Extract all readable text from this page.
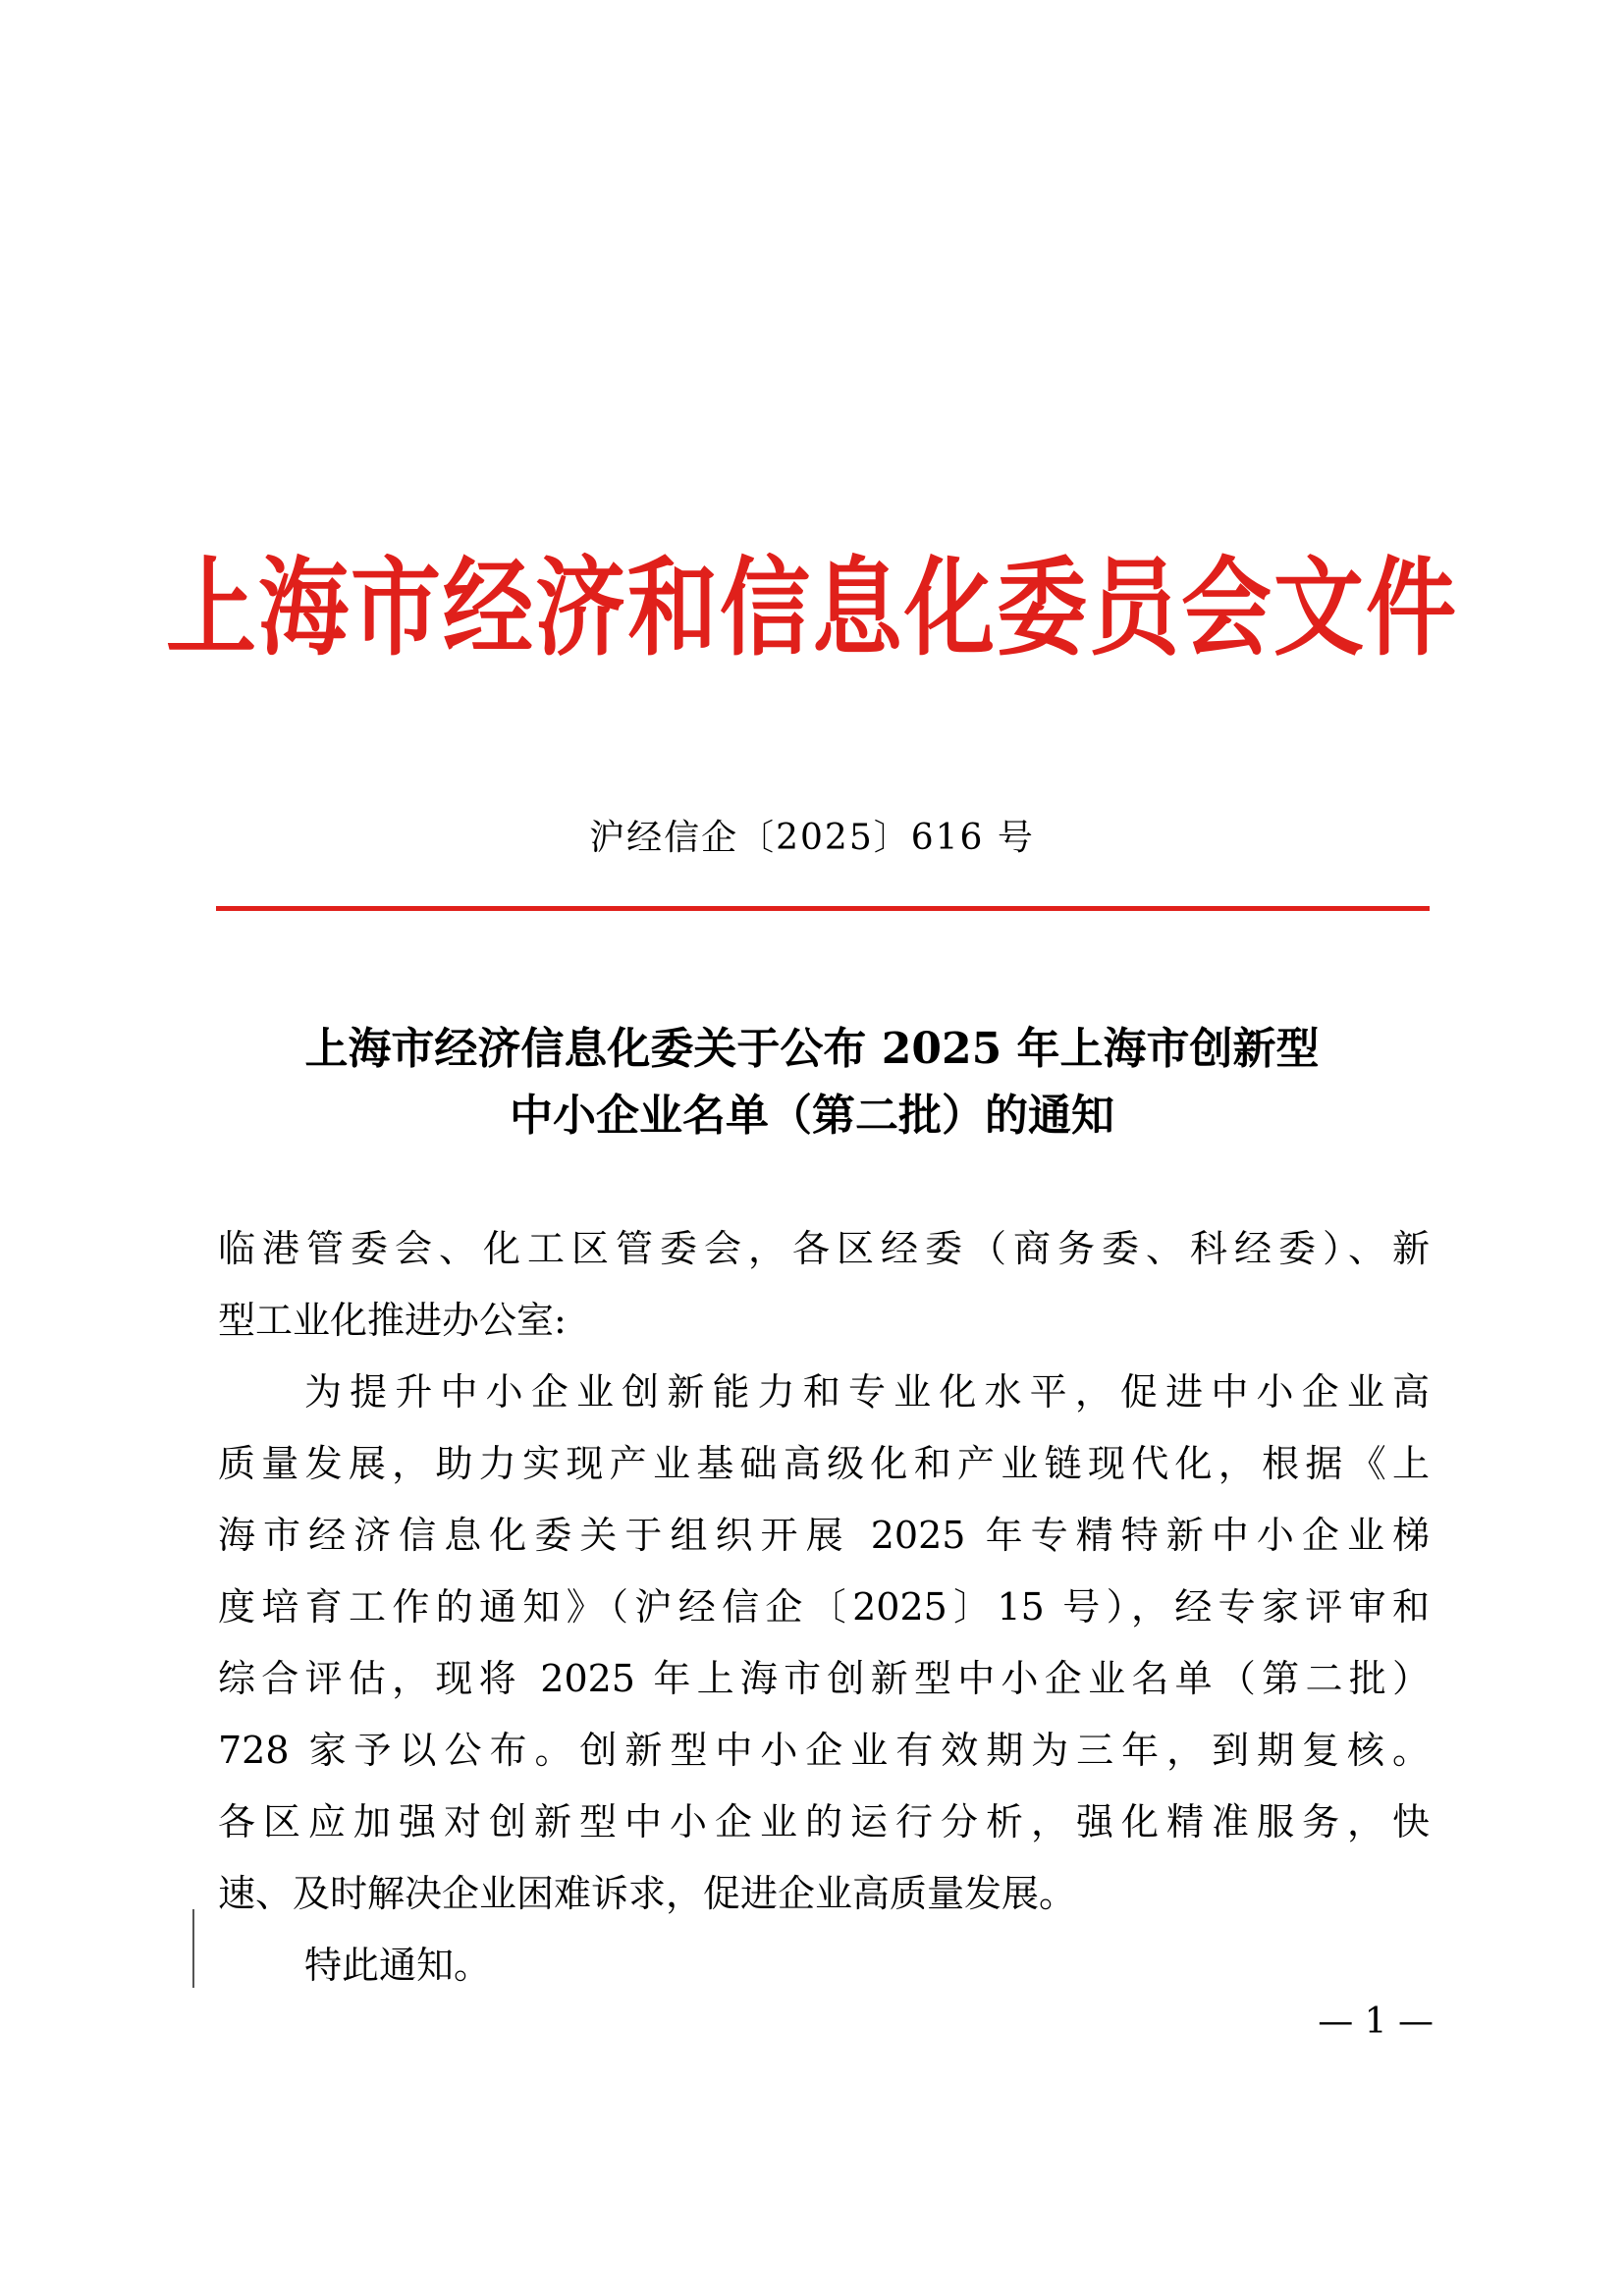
上海市经济和信息化委员会文件
沪经信企〔2025〕616 号
上海市经济信息化委关于公布 2025 年上海市创新型
中小企业名单（第二批）的通知
临港管委会、化工区管委会，各区经委（商务委、科经委）、新
型工业化推进办公室:
为提升中小企业创新能力和专业化水平，促进中小企业高
质量发展，助力实现产业基础高级化和产业链现代化，根据《上
海市经济信息化委关于组织开展 2025 年专精特新中小企业梯
度培育工作的通知》（沪经信企〔2025〕15 号），经专家评审和
综合评估，现将 2025 年上海市创新型中小企业名单（第二批）
728 家予以公布。创新型中小企业有效期为三年，到期复核。
各区应加强对创新型中小企业的运行分析，强化精准服务，快
速、及时解决企业困难诉求，促进企业高质量发展。
特此通知。
— 1 —
